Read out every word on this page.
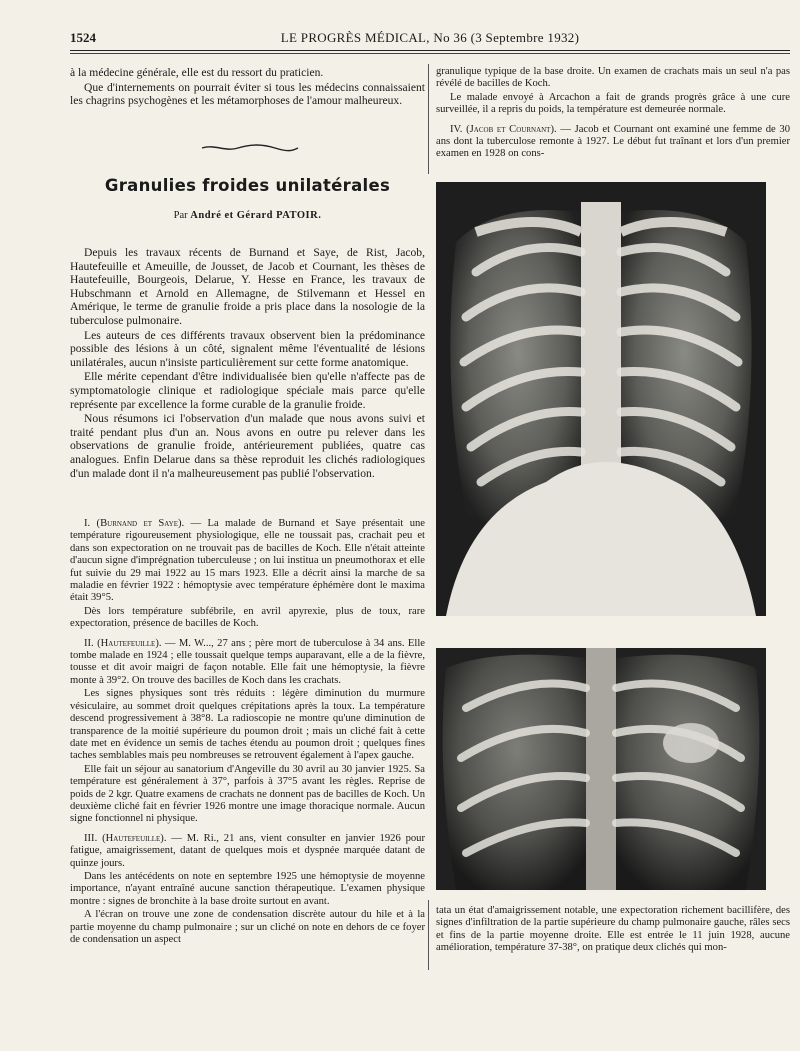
1524	LE PROGRÈS MÉDICAL, No 36 (3 Septembre 1932)

à la médecine générale, elle est du ressort du praticien.

Que d'internements on pourrait éviter si tous les médecins connaissaient les chagrins psychogènes et les métamorphoses de l'amour malheureux.

Granulies froides unilatérales
Par André et Gérard PATOIR.

Depuis les travaux récents de Burnand et Saye, de Rist, Jacob, Hautefeuille et Ameuille, de Jousset, de Jacob et Cournant, les thèses de Hautefeuille, Bourgeois, Delarue, Y. Hesse en France, les travaux de Hubschmann et Arnold en Allemagne, de Stilvemann et Hessel en Amérique, le terme de granulie froide a pris place dans la nosologie de la tuberculose pulmonaire.

Les auteurs de ces différents travaux observent bien la prédominance possible des lésions à un côté, signalent même l'éventualité de lésions unilatérales, aucun n'insiste particulièrement sur cette forme anatomique.

Elle mérite cependant d'être individualisée bien qu'elle n'affecte pas de symptomatologie clinique et radiologique spéciale mais parce qu'elle représente par excellence la forme curable de la granulie froide.

Nous résumons ici l'observation d'un malade que nous avons suivi et traité pendant plus d'un an. Nous avons en outre pu relever dans les observations de granulie froide, antérieurement publiées, quatre cas analogues. Enfin Delarue dans sa thèse reproduit les clichés radiologiques d'un malade dont il n'a malheureusement pas publié l'observation.

I. (Burnand et Saye). — La malade de Burnand et Saye présentait une température rigoureusement physiologique, elle ne toussait pas, crachait peu et dans son expectoration on ne trouvait pas de bacilles de Koch. Elle n'était atteinte d'aucun signe d'imprégnation tuberculeuse ; on lui institua un pneumothorax et elle fut suivie du 29 mai 1922 au 15 mars 1923. Elle a décrit ainsi la marche de sa maladie en février 1922 : hémoptysie avec température éphémère dont le maxima était 39°5.

Dès lors température subfébrile, en avril apyrexie, plus de toux, rare expectoration, présence de bacilles de Koch.

II. (Hautefeuille). — M. W..., 27 ans ; père mort de tuberculose à 34 ans. Elle tombe malade en 1924 ; elle toussait quelque temps auparavant, elle a de la fièvre, tousse et dit avoir maigri de façon notable. Elle fait une hémoptysie, la fièvre monte à 39°2. On trouve des bacilles de Koch dans les crachats.

Les signes physiques sont très réduits : légère diminution du murmure vésiculaire, au sommet droit quelques crépitations après la toux. La température descend progressivement à 38°8. La radioscopie ne montre qu'une diminution de transparence de la moitié supérieure du poumon droit ; mais un cliché fait à cette date met en évidence un semis de taches étendu au poumon droit ; quelques fines taches semblables mais peu nombreuses se retrouvent également à l'apex gauche.

Elle fait un séjour au sanatorium d'Angeville du 30 avril au 30 janvier 1925. Sa température est généralement à 37°, parfois à 37°5 avant les règles. Reprise de poids de 2 kgr. Quatre examens de crachats ne donnent pas de bacilles de Koch. Un deuxième cliché fait en février 1926 montre une image thoracique normale. Aucun signe fonctionnel ni physique.

III. (Hautefeuille). — M. Ri., 21 ans, vient consulter en janvier 1926 pour fatigue, amaigrissement, datant de quelques mois et dyspnée marquée datant de quinze jours.

Dans les antécédents on note en septembre 1925 une hémoptysie de moyenne importance, n'ayant entraîné aucune sanction thérapeutique. L'examen physique montre : signes de bronchite à la base droite surtout en avant.

A l'écran on trouve une zone de condensation discrète autour du hile et à la partie moyenne du champ pulmonaire ; sur un cliché on note en dehors de ce foyer de condensation un aspect

granulique typique de la base droite. Un examen de crachats mais un seul n'a pas révélé de bacilles de Koch.

Le malade envoyé à Arcachon a fait de grands progrès grâce à une cure surveillée, il a repris du poids, la température est demeurée normale.

IV. (Jacob et Cournant). — Jacob et Cournant ont examiné une femme de 30 ans dont la tuberculose remonte à 1927. Le début fut traînant et lors d'un premier examen en 1928 on cons-

tata un état d'amaigrissement notable, une expectoration richement bacillifère, des signes d'infiltration de la partie supérieure du champ pulmonaire gauche, râles secs et fins de la partie moyenne droite. Elle est entrée le 11 juin 1928, aucune amélioration, température 37-38°, on pratique deux clichés qui mon-
